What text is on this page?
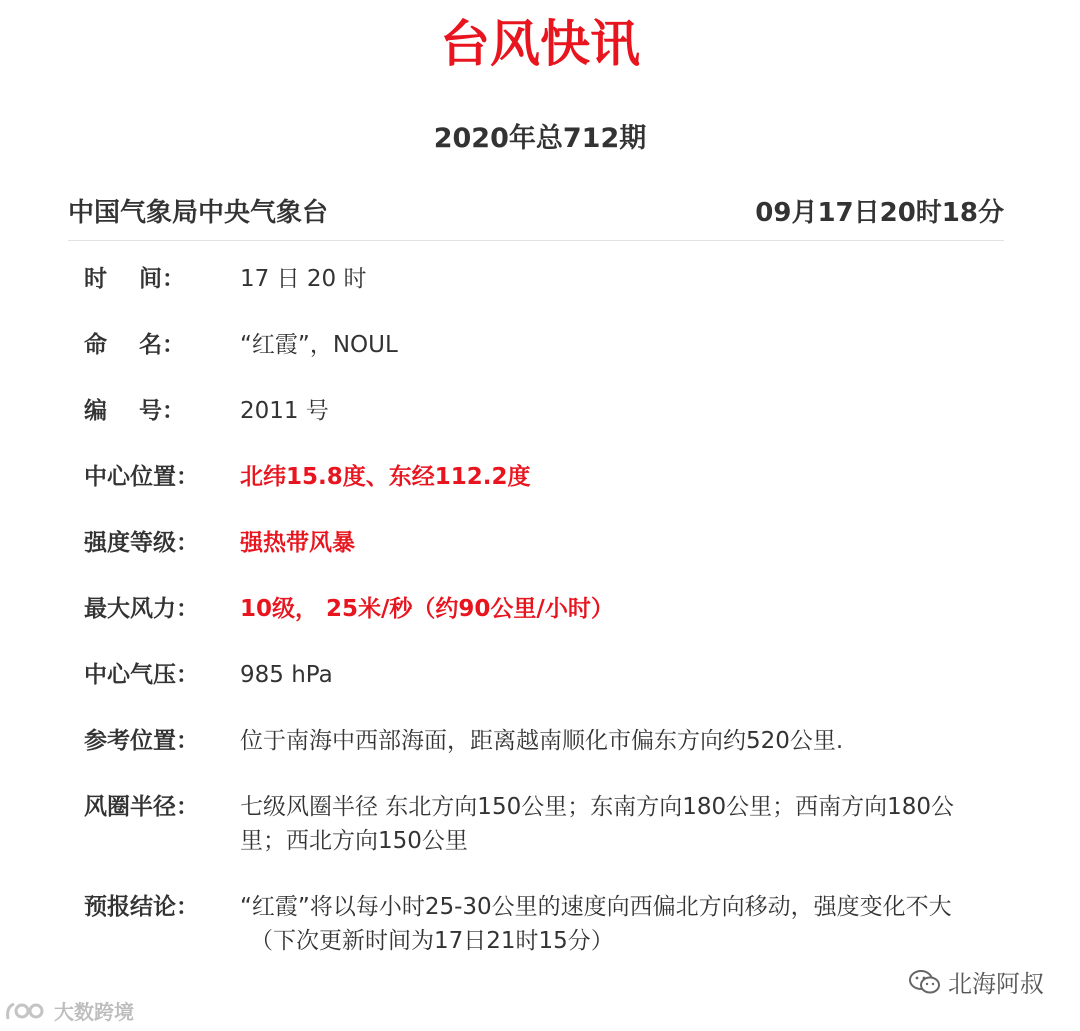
台风快讯
2020年总712期
中国气象局中央气象台	09月17日20时18分
时    间：	17 日 20 时
命    名：	“红霞”，NOUL
编    号：	2011 号
中心位置：	北纬15.8度、东经112.2度
强度等级：	强热带风暴
最大风力：	10级， 25米/秒（约90公里/小时）
中心气压：	985 hPa
参考位置：	位于南海中西部海面，距离越南顺化市偏东方向约520公里.
风圈半径：	七级风圈半径 东北方向150公里；东南方向180公里；西南方向180公里；西北方向150公里
预报结论：	“红霞”将以每小时25-30公里的速度向西偏北方向移动，强度变化不大
（下次更新时间为17日21时15分）
北海阿叔
大数跨境
